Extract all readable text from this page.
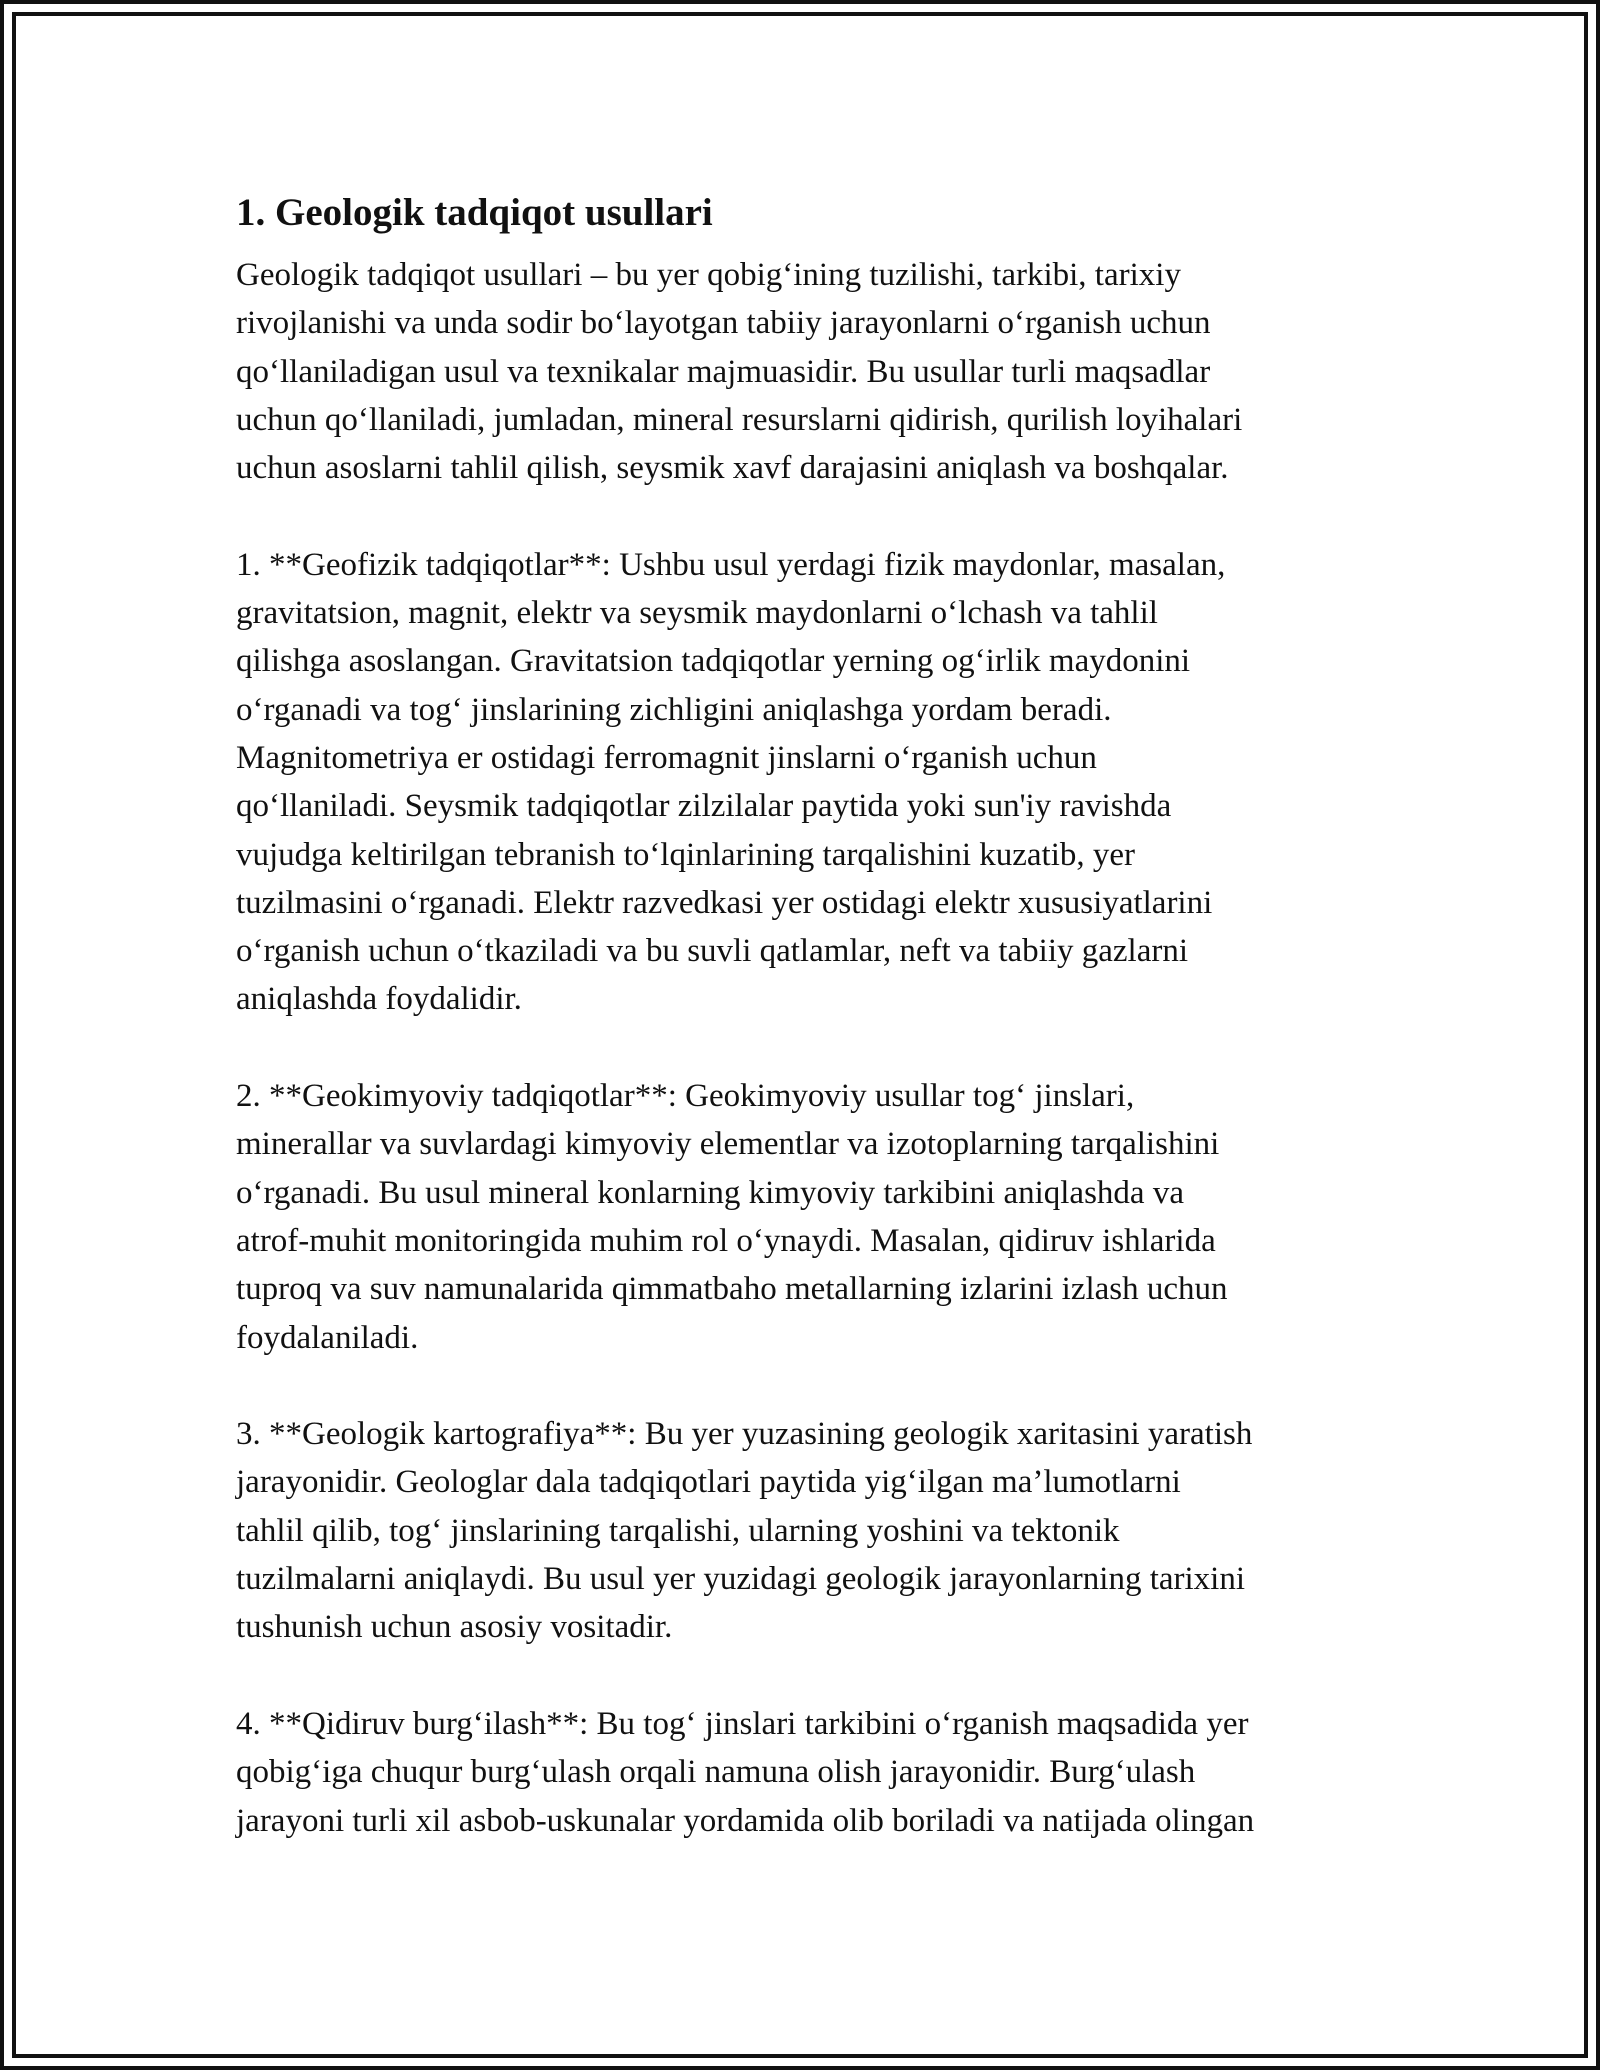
1. Geologik tadqiqot usullari
Geologik tadqiqot usullari – bu yer qobig‘ining tuzilishi, tarkibi, tarixiy
rivojlanishi va unda sodir bo‘layotgan tabiiy jarayonlarni o‘rganish uchun
qo‘llaniladigan usul va texnikalar majmuasidir. Bu usullar turli maqsadlar
uchun qo‘llaniladi, jumladan, mineral resurslarni qidirish, qurilish loyihalari
uchun asoslarni tahlil qilish, seysmik xavf darajasini aniqlash va boshqalar.
1. **Geofizik tadqiqotlar**: Ushbu usul yerdagi fizik maydonlar, masalan,
gravitatsion, magnit, elektr va seysmik maydonlarni o‘lchash va tahlil
qilishga asoslangan. Gravitatsion tadqiqotlar yerning og‘irlik maydonini
o‘rganadi va tog‘ jinslarining zichligini aniqlashga yordam beradi.
Magnitometriya er ostidagi ferromagnit jinslarni o‘rganish uchun
qo‘llaniladi. Seysmik tadqiqotlar zilzilalar paytida yoki sun'iy ravishda
vujudga keltirilgan tebranish to‘lqinlarining tarqalishini kuzatib, yer
tuzilmasini o‘rganadi. Elektr razvedkasi yer ostidagi elektr xususiyatlarini
o‘rganish uchun o‘tkaziladi va bu suvli qatlamlar, neft va tabiiy gazlarni
aniqlashda foydalidir.
2. **Geokimyoviy tadqiqotlar**: Geokimyoviy usullar tog‘ jinslari,
minerallar va suvlardagi kimyoviy elementlar va izotoplarning tarqalishini
o‘rganadi. Bu usul mineral konlarning kimyoviy tarkibini aniqlashda va
atrof-muhit monitoringida muhim rol o‘ynaydi. Masalan, qidiruv ishlarida
tuproq va suv namunalarida qimmatbaho metallarning izlarini izlash uchun
foydalaniladi.
3. **Geologik kartografiya**: Bu yer yuzasining geologik xaritasini yaratish
jarayonidir. Geologlar dala tadqiqotlari paytida yig‘ilgan ma’lumotlarni
tahlil qilib, tog‘ jinslarining tarqalishi, ularning yoshini va tektonik
tuzilmalarni aniqlaydi. Bu usul yer yuzidagi geologik jarayonlarning tarixini
tushunish uchun asosiy vositadir.
4. **Qidiruv burg‘ilash**: Bu tog‘ jinslari tarkibini o‘rganish maqsadida yer
qobig‘iga chuqur burg‘ulash orqali namuna olish jarayonidir. Burg‘ulash
jarayoni turli xil asbob-uskunalar yordamida olib boriladi va natijada olingan
